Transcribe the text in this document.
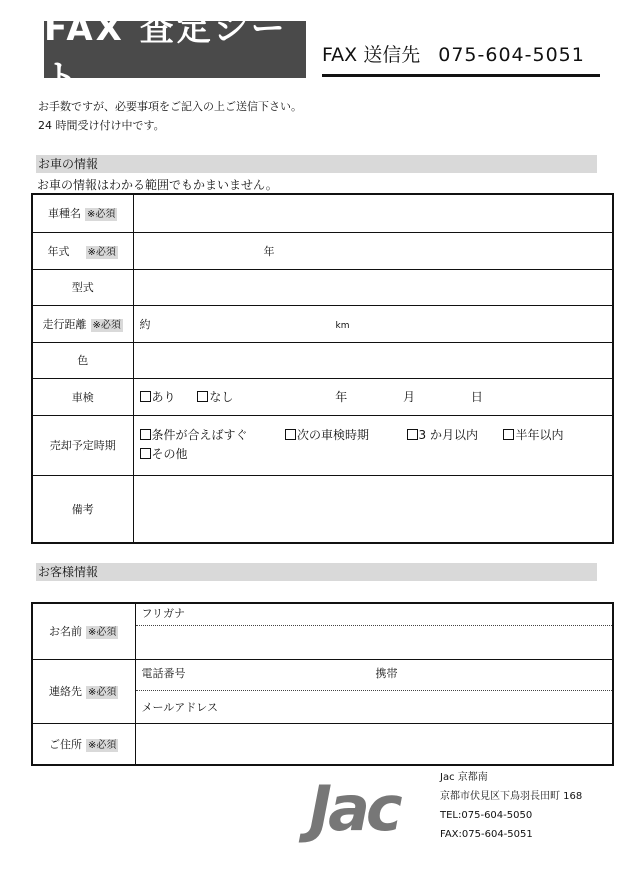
FAX 査定シート
FAX 送信先 075-604-5051
お手数ですが、必要事項をご記入の上ご送信下さい。
24 時間受け付け中です。
お車の情報
お車の情報はわかる範囲でもかまいません。
車種名 ※必須	
年式 ※必須	年
型式	
走行距離 ※必須	約 km
色	
車検	あり なし 年 月 日
売却予定時期	条件が合えばすぐ 次の車検時期 3 か月以内 半年以内
その他
備考	
お客様情報
お名前 ※必須	フリガナ

連絡先 ※必須	電話番号 携帯
メールアドレス

ご住所 ※必須	
Jac	Jac 京都南
京都市伏見区下鳥羽長田町 168
TEL:075-604-5050
FAX:075-604-5051
